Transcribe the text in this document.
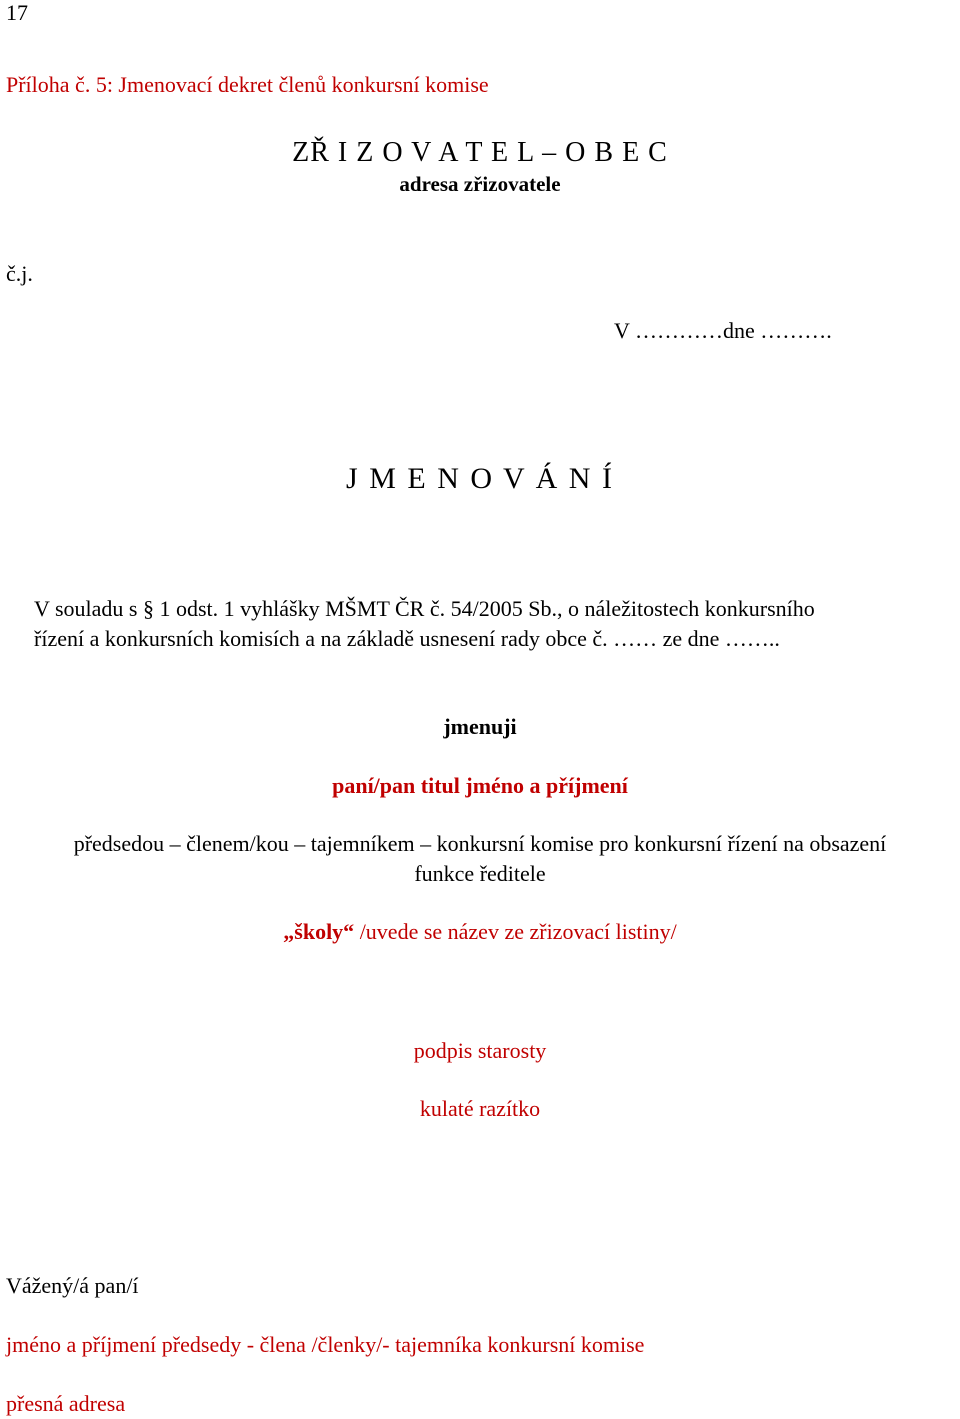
17
Příloha č. 5: Jmenovací dekret členů konkursní komise
ZŘ I Z O V A T E L – O B E C
adresa zřizovatele
č.j.
V …………dne ……….
J M E N O V Á N Í
V souladu s § 1 odst. 1 vyhlášky MŠMT ČR č. 54/2005 Sb., o náležitostech konkursního
řízení a konkursních komisích a na základě usnesení rady obce č. …… ze dne ……..
jmenuji
paní/pan titul jméno a příjmení
předsedou – členem/kou – tajemníkem – konkursní komise pro konkursní řízení na obsazení
funkce ředitele
„školy“ /uvede se název ze zřizovací listiny/
podpis starosty
kulaté razítko
Vážený/á pan/í
jméno a příjmení předsedy - člena /členky/- tajemníka konkursní komise
přesná adresa
